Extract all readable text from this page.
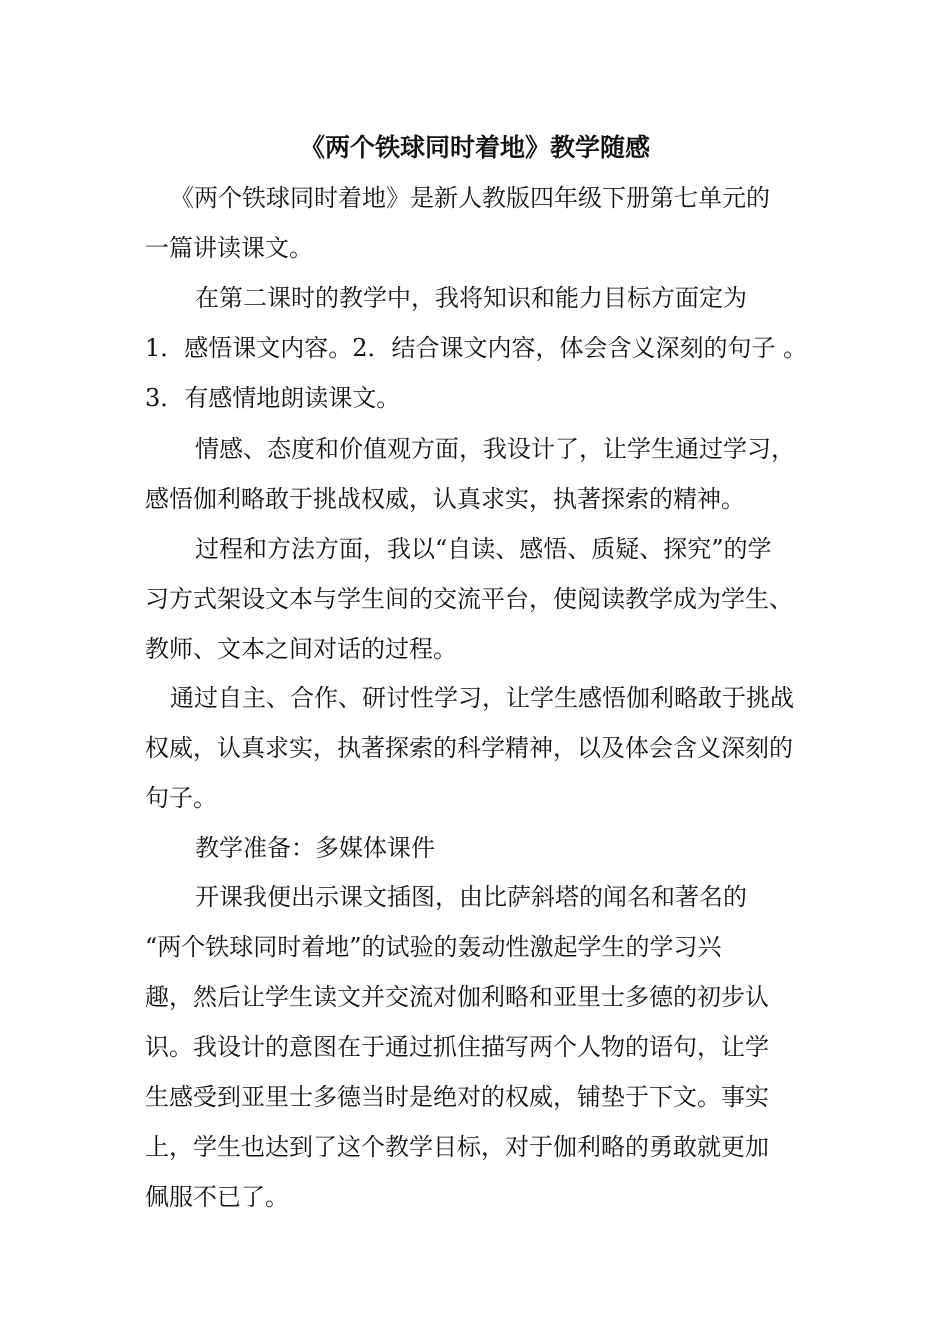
《两个铁球同时着地》教学随感
《两个铁球同时着地》是新人教版四年级下册第七单元的
一篇讲读课文。
在第二课时的教学中，我将知识和能力目标方面定为
1．感悟课文内容。2．结合课文内容，体会含义深刻的句子 。
3．有感情地朗读课文。
情感、态度和价值观方面，我设计了，让学生通过学习，
感悟伽利略敢于挑战权威，认真求实，执著探索的精神。
过程和方法方面，我以“自读、感悟、质疑、探究”的学
习方式架设文本与学生间的交流平台，使阅读教学成为学生、
教师、文本之间对话的过程。
通过自主、合作、研讨性学习，让学生感悟伽利略敢于挑战
权威，认真求实，执著探索的科学精神，以及体会含义深刻的
句子。
教学准备：多媒体课件
开课我便出示课文插图，由比萨斜塔的闻名和著名的
“两个铁球同时着地”的试验的轰动性激起学生的学习兴
趣，然后让学生读文并交流对伽利略和亚里士多德的初步认
识。我设计的意图在于通过抓住描写两个人物的语句，让学
生感受到亚里士多德当时是绝对的权威，铺垫于下文。事实
上，学生也达到了这个教学目标，对于伽利略的勇敢就更加
佩服不已了。
